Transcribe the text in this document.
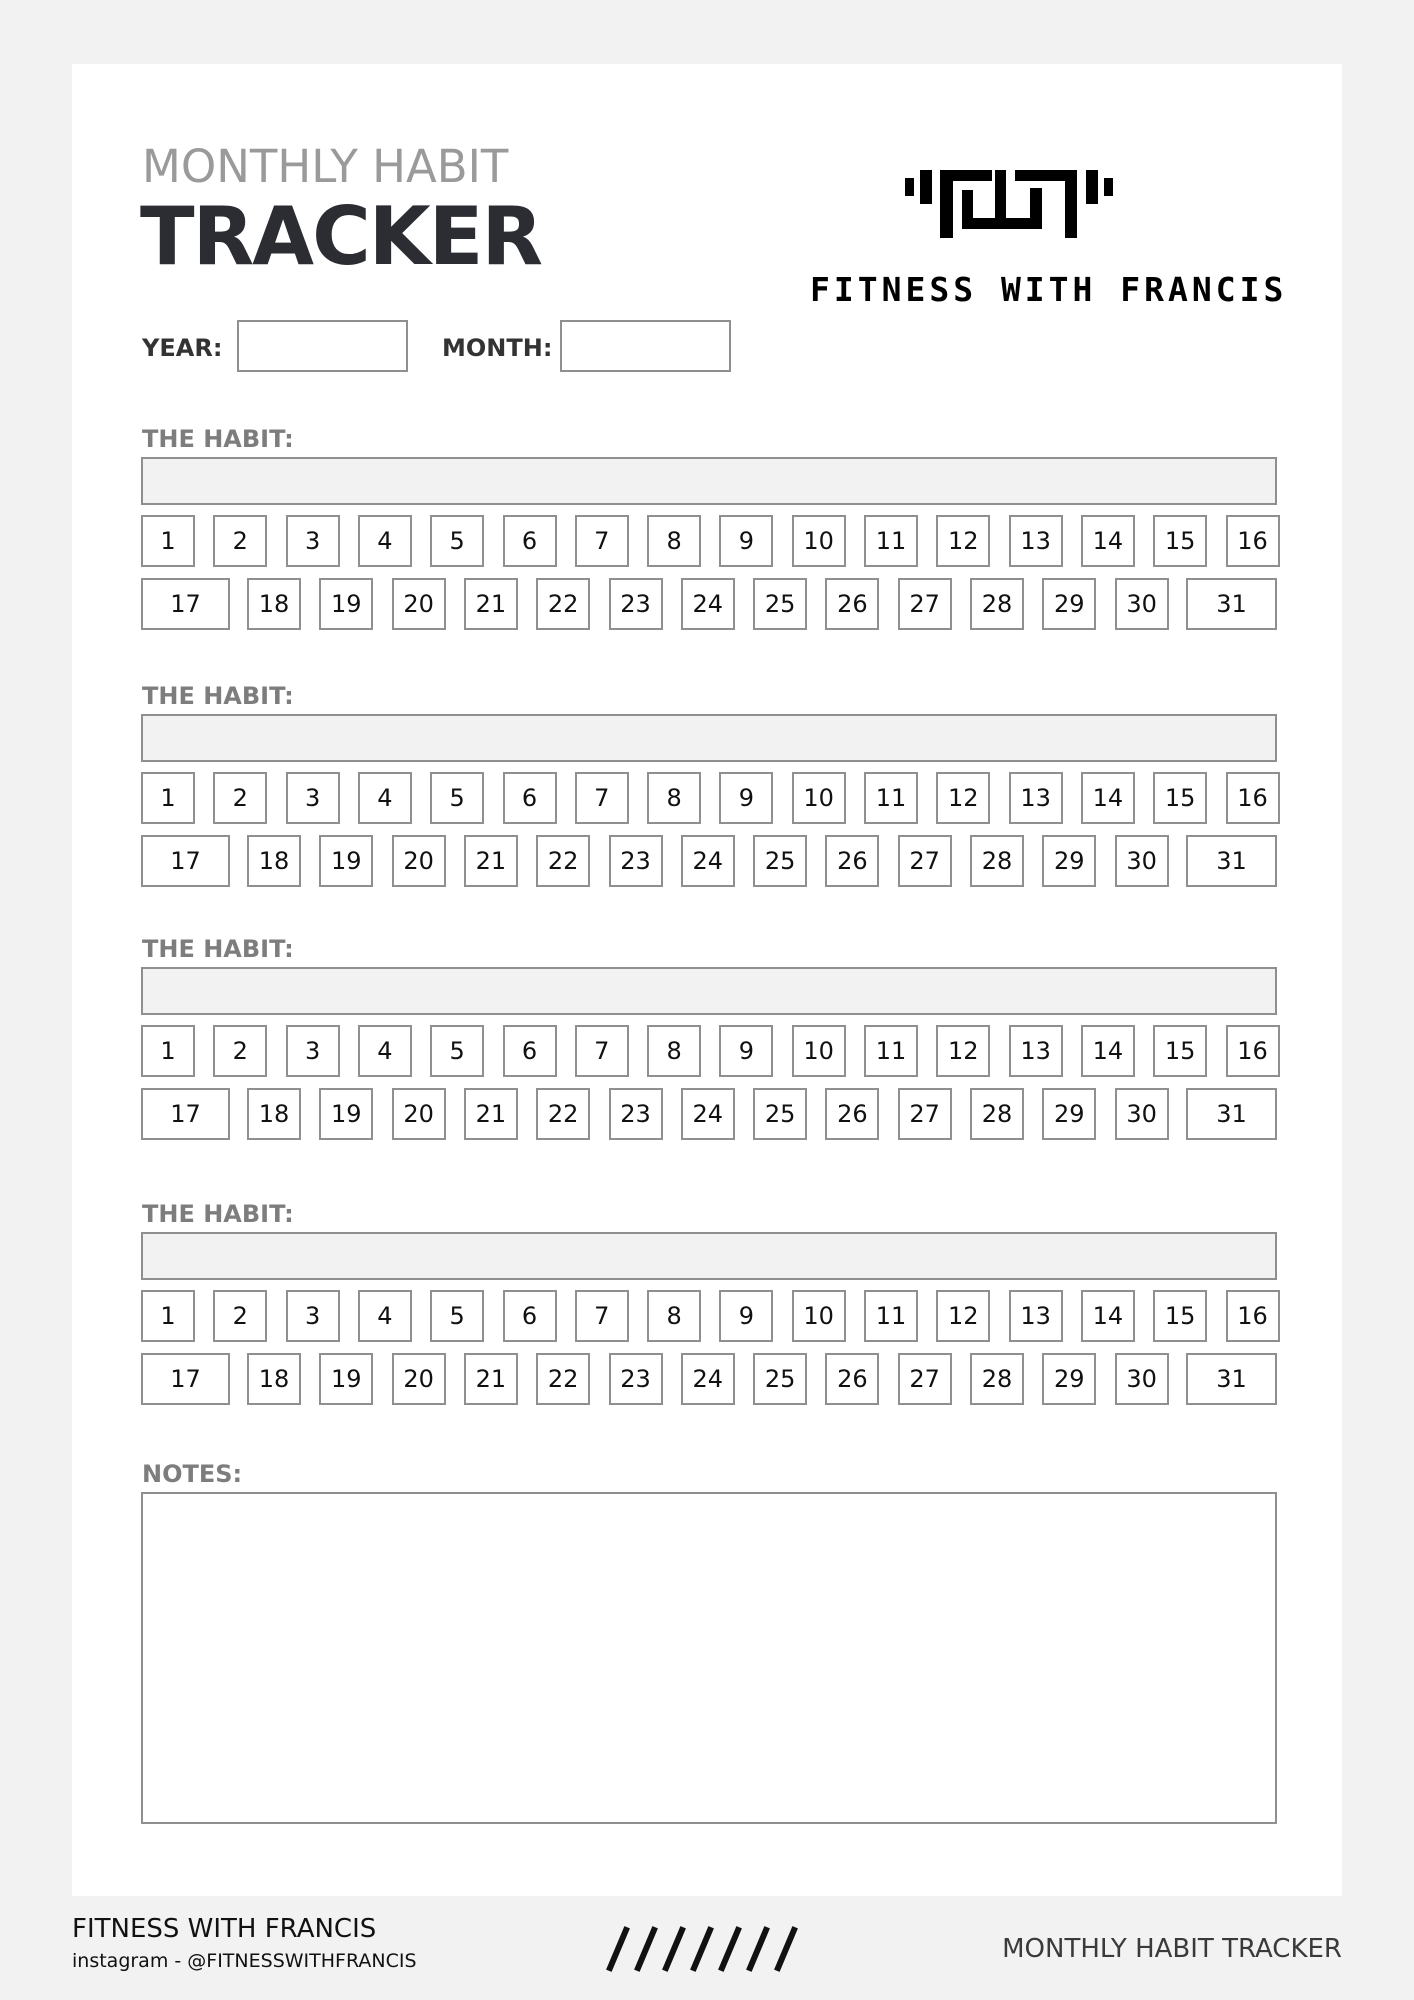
MONTHLY HABIT
TRACKER
FITNESS WITH FRANCIS
YEAR:	MONTH:
THE HABIT:
1	2	3	4	5	6	7	8	9	10	11	12	13	14	15	16
17	18	19	20	21	22	23	24	25	26	27	28	29	30	31
THE HABIT:
1	2	3	4	5	6	7	8	9	10	11	12	13	14	15	16
17	18	19	20	21	22	23	24	25	26	27	28	29	30	31
THE HABIT:
1	2	3	4	5	6	7	8	9	10	11	12	13	14	15	16
17	18	19	20	21	22	23	24	25	26	27	28	29	30	31
THE HABIT:
1	2	3	4	5	6	7	8	9	10	11	12	13	14	15	16
17	18	19	20	21	22	23	24	25	26	27	28	29	30	31
NOTES:
FITNESS WITH FRANCIS
instagram - @FITNESSWITHFRANCIS	MONTHLY HABIT TRACKER
